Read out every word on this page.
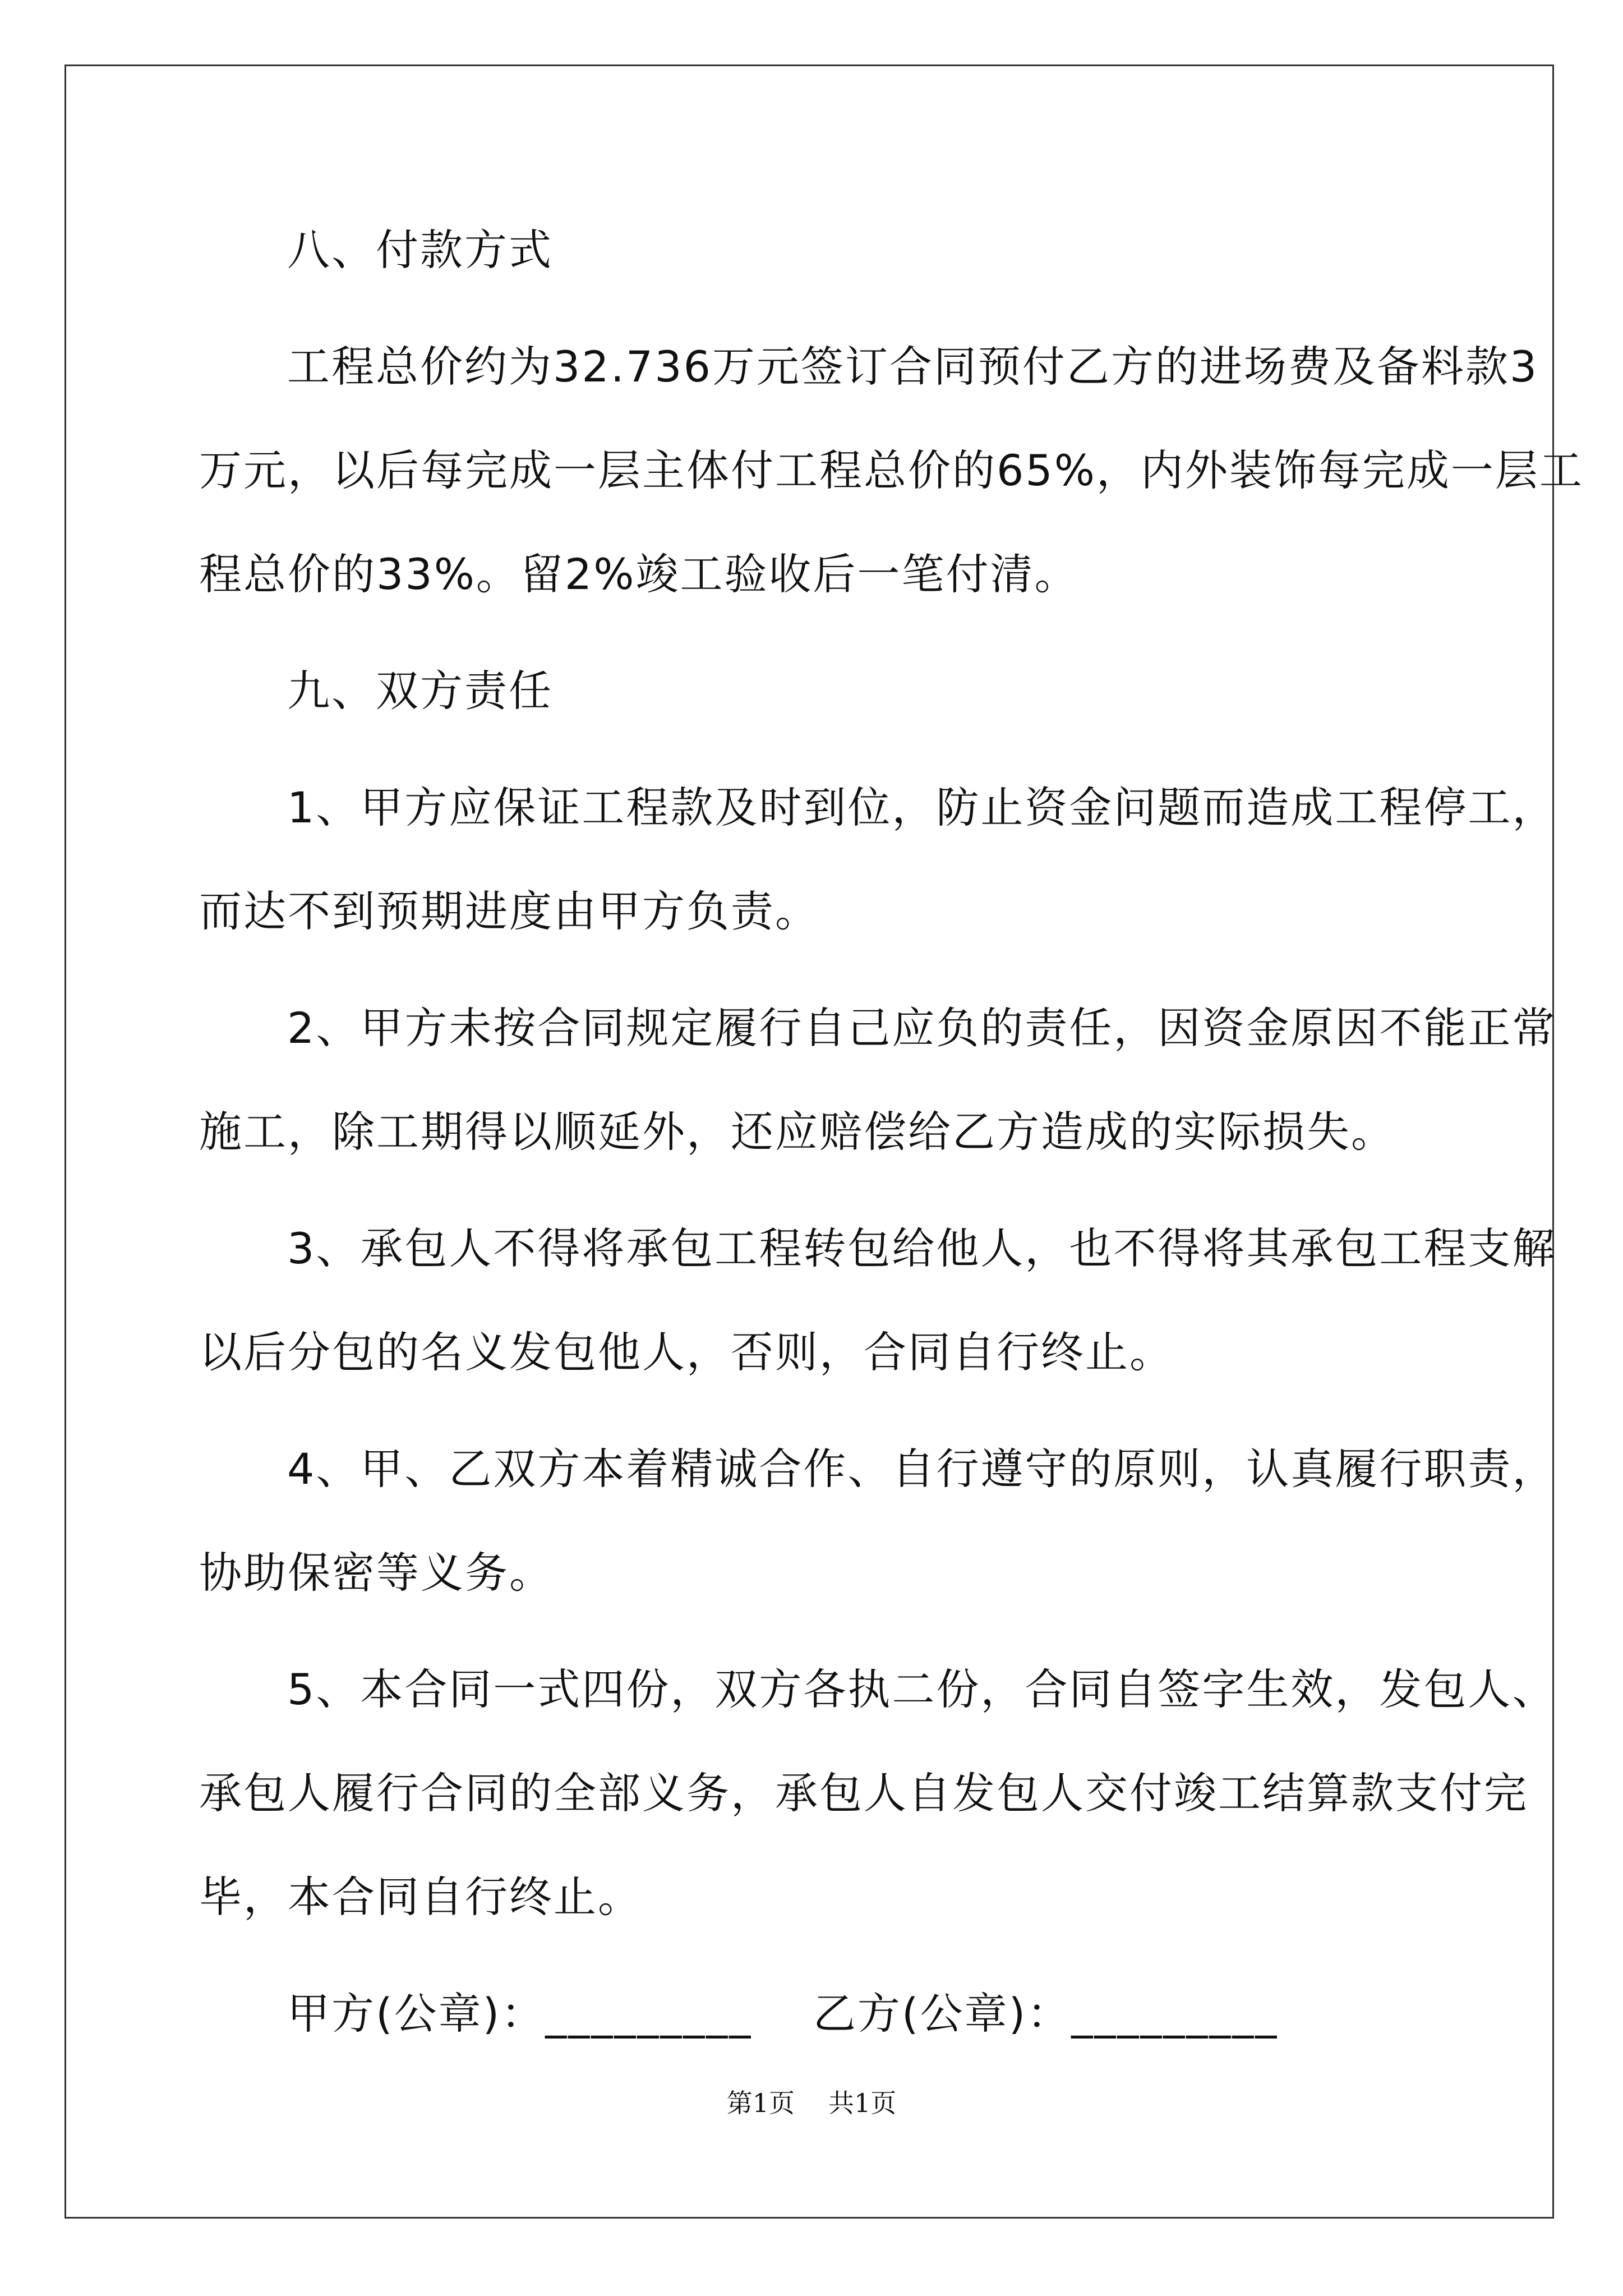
八、付款方式
工程总价约为32.736万元签订合同预付乙方的进场费及备料款3
万元，以后每完成一层主体付工程总价的65%，内外装饰每完成一层工
程总价的33%。留2%竣工验收后一笔付清。
九、双方责任
1、甲方应保证工程款及时到位，防止资金问题而造成工程停工，
而达不到预期进度由甲方负责。
2、甲方未按合同规定履行自己应负的责任，因资金原因不能正常
施工，除工期得以顺延外，还应赔偿给乙方造成的实际损失。
3、承包人不得将承包工程转包给他人，也不得将其承包工程支解
以后分包的名义发包他人，否则，合同自行终止。
4、甲、乙双方本着精诚合作、自行遵守的原则，认真履行职责，
协助保密等义务。
5、本合同一式四份，双方各执二份，合同自签字生效，发包人、
承包人履行合同的全部义务，承包人自发包人交付竣工结算款支付完
毕，本合同自行终止。
甲方(公章)：_________    乙方(公章)：_________
第1页 共1页
